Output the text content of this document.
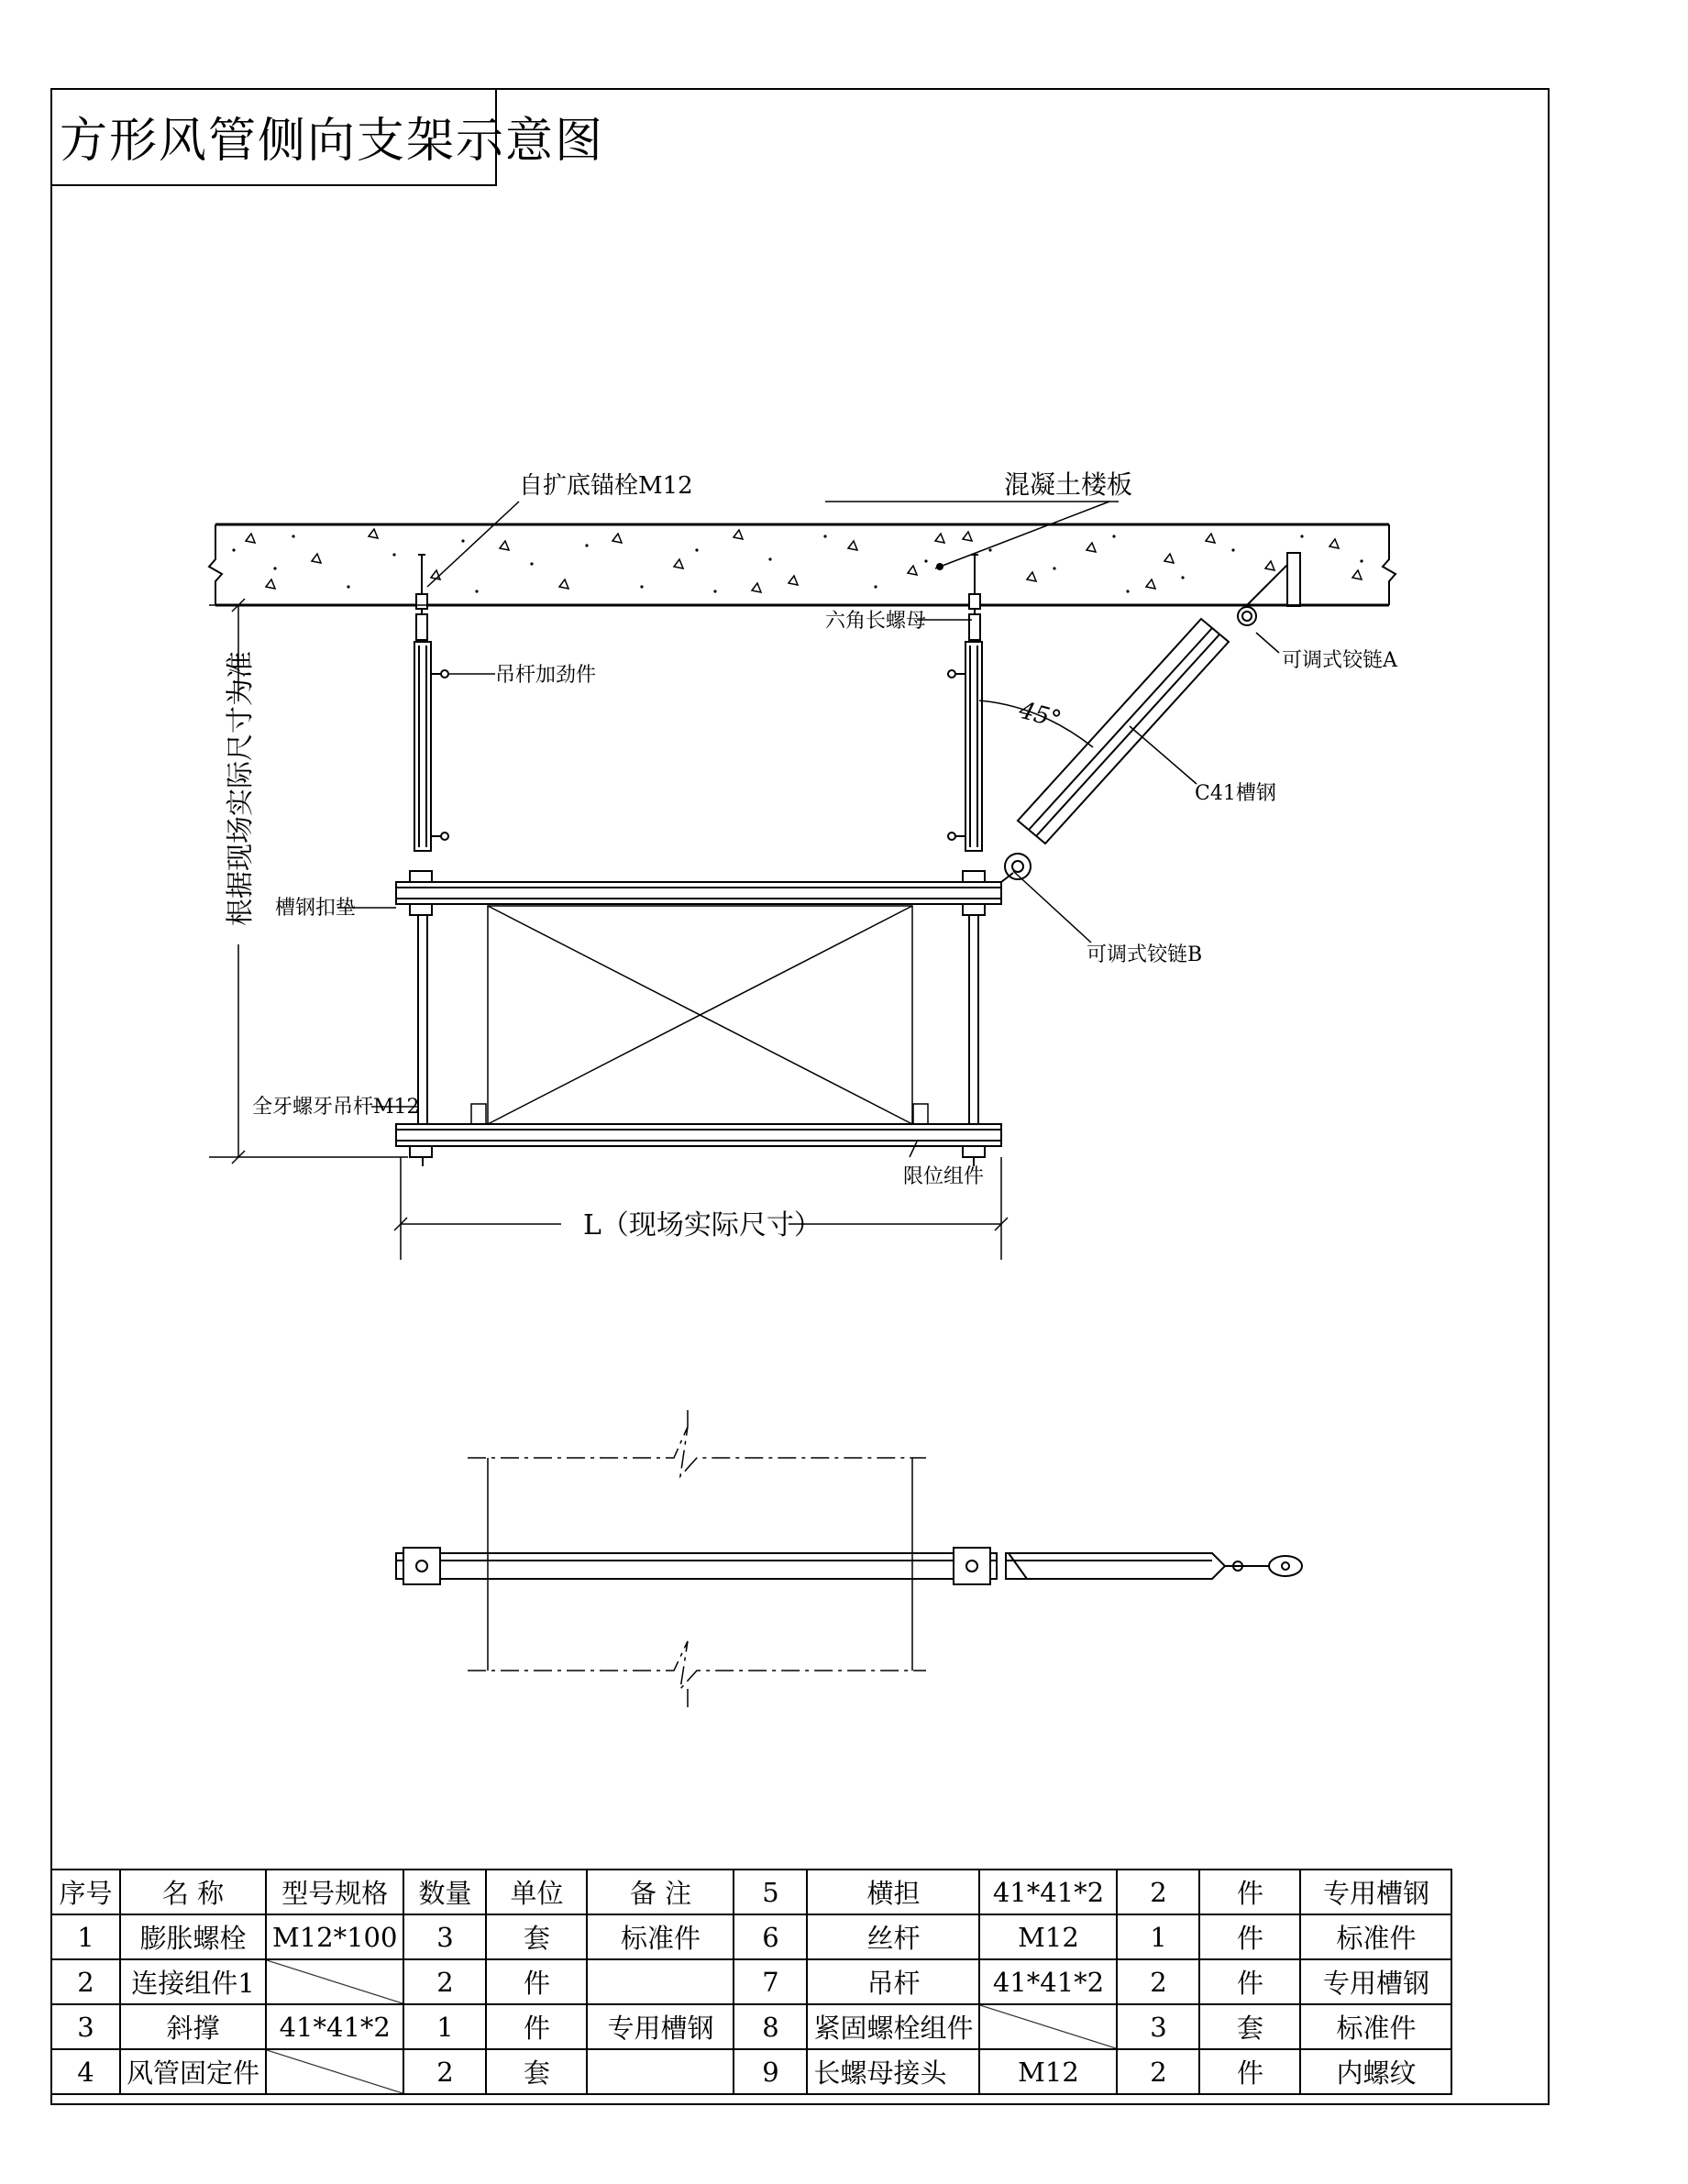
方形风管侧向支架示意图
自扩底锚栓M12	混凝土楼板
六角长螺母
可调式铰链A
吊杆加劲件
45°
C41槽钢
根据现场实际尺寸为准 槽钢扣垫
可调式铰链B
全牙螺牙吊杆M12
限位组件
L（现场实际尺寸）
序号	名 称	型号规格	数量	单位	备 注	5	横担	41*41*2	2	件	专用槽钢
1	膨胀螺栓	M12*100	3	套	标准件	6	丝杆	M12	1	件	标准件
2	连接组件1		2	件		7	吊杆	41*41*2	2	件	专用槽钢
3	斜撑	41*41*2	1	件	专用槽钢	8	紧固螺栓组件		3	套	标准件
4	风管固定件		2	套		9	长螺母接头	M12	2	件	内螺纹
